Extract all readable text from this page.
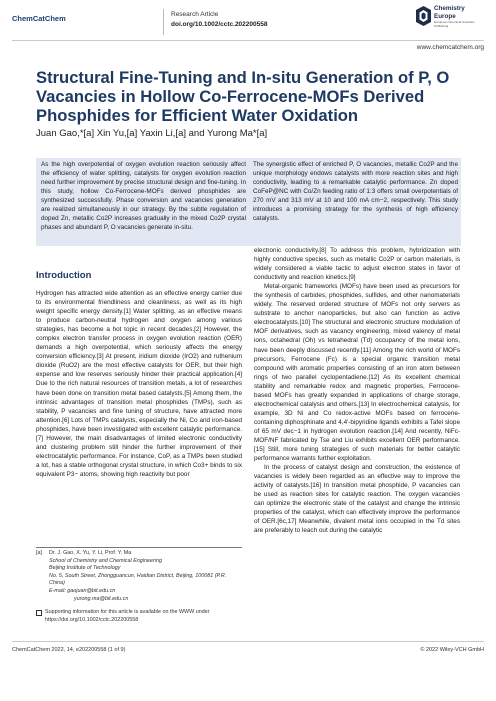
ChemCatChem	Research Article
doi.org/10.1002/cctc.202200558
Chemistry
Europe
European Chemical Societies Publishing
www.chemcatchem.org
Structural Fine-Tuning and In-situ Generation of P, O Vacancies in Hollow Co-Ferrocene-MOFs Derived Phosphides for Efficient Water Oxidation
Juan Gao,*[a] Xin Yu,[a] Yaxin Li,[a] and Yurong Ma*[a]

As the high overpotential of oxygen evolution reaction seriously affect the efficiency of water splitting, catalysts for oxygen evolution reaction need further improvement by precise structural design and fine-tuning. In this study, hollow Co-Ferrocene-MOFs derived phosphides are synthesized successfully. Phase conversion and vacancies generation are realized simultaneously in our strategy. By the subtle regulation of doped Zn, metallic Co2P increases gradually in the mixed Co2P crystal phases and abundant P, O vacancies generate in-situ.

The synergistic effect of enriched P, O vacancies, metallic Co2P and the unique morphology endows catalysts with more reaction sites and high conductivity, leading to a remarkable catalytic performance. Zn doped CoFeP@NC with Co/Zn feeding ratio of 1:3 offers small overpotentials of 270 mV and 313 mV at 10 and 100 mA cm−2, respectively. This study introduces a promising strategy for the synthesis of high efficiency catalysts.

Introduction

Hydrogen has attracted wide attention as an effective energy carrier due to its environmental friendliness and cleanliness, as well as its high weight specific energy density.[1] Water splitting, as an effective means to produce carbon-neutral hydrogen and oxygen among various strategies, has become a hot topic in recent decades.[2] However, the complex electron transfer process in oxygen evolution reaction (OER) demands a high overpotential, which seriously affects the energy conversion efficiency.[3] At present, iridium dioxide (IrO2) and ruthenium dioxide (RuO2) are the most effective catalysts for OER, but their high expense and low reserves seriously hinder their practical application.[4] Due to the rich natural resources of transition metals, a lot of researches have been done on transition metal based catalysts.[5] Among them, the intrinsic advantages of transition metal phosphides (TMPs), such as stability, P vacancies and fine tuning of structure, have attracted more attention.[6] Lots of TMPs catalysts, especially the Ni, Co and iron-based phosphides, have been investigated with excellent catalytic performance.[7] However, the main disadvantages of limited electronic conductivity and clustering problem still hinder the further improvement of their electrocatalytic performance. For instance, CoP, as a TMPs been studied a lot, has a stable orthogonal crystal structure, in which Co3+ binds to six equivalent P3− atoms, showing high reactivity but poor

electronic conductivity.[8] To address this problem, hybridization with highly conductive species, such as metallic Co2P or carbon materials, is widely considered a viable tactic to adjust electron states in favor of conductivity and reaction kinetics.[9]

Metal-organic frameworks (MOFs) have been used as precursors for the synthesis of carbides, phosphides, sulfides, and other nanomaterials widely. The reserved ordered structure of MOFs not only servers as substrate to anchor nanoparticles, but also can function as active electrocatalysts.[10] The structural and electronic structure modulation of MOF derivatives, such as vacancy engineering, mixed valency of metal ions, octahedral (Oh) vs tetrahedral (Td) occupancy of the metal ions, have been deeply discussed recently.[11] Among the rich world of MOFs precursors, Ferrocene (Fc) is a special organic transition metal compound with aromatic properties consisting of an iron atom between rings of two parallel cyclopentadiene.[12] As its excellent chemical stability and remarkable redox and magnetic properties, Ferrocene-based MOFs has greatly expanded in applications of charge storage, electrochemical catalysis and others.[13] In electrochemical catalysis, for example, 3D Ni and Co redox-active MOFs based on ferrocene-containing diphosphinate and 4,4′-bipyridine ligands exhibits a Tafel slope of 65 mV dec−1 in hydrogen evolution reaction.[14] And recently, NiFc-MOF/NF fabricated by Tse and Liu exhibits excellent OER performance.[15] Still, more tuning strategies of such materials for better catalytic performance warrants further exploitation.

In the process of catalyst design and construction, the existence of vacancies is widely been regarded as an effective way to improve the activity of catalysts.[16] In transition metal phosphide, P vacancies can be used as reaction sites for catalytic reaction. The oxygen vacancies can optimize the electronic state of the catalyst and change the intrinsic properties of the catalyst, which can effectively improve the performance of OER.[6c,17] Meanwhile, divalent metal ions occupied in the Td sites are preferably to leach out during the catalytic

[a]	Dr. J. Gao, X. Yu, Y. Li, Prof. Y. Ma
School of Chemistry and Chemical Engineering
Beijing Institute of Technology
No. 5, South Street, Zhongguancun, Haidian District, Beijing, 100081 (P.R. China)
E-mail: gaojuan@bit.edu.cn
yurong.ma@bit.edu.cn
Supporting information for this article is available on the WWW under https://doi.org/10.1002/cctc.202200558
ChemCatChem 2022, 14, e202200558 (1 of 9)	© 2022 Wiley-VCH GmbH
